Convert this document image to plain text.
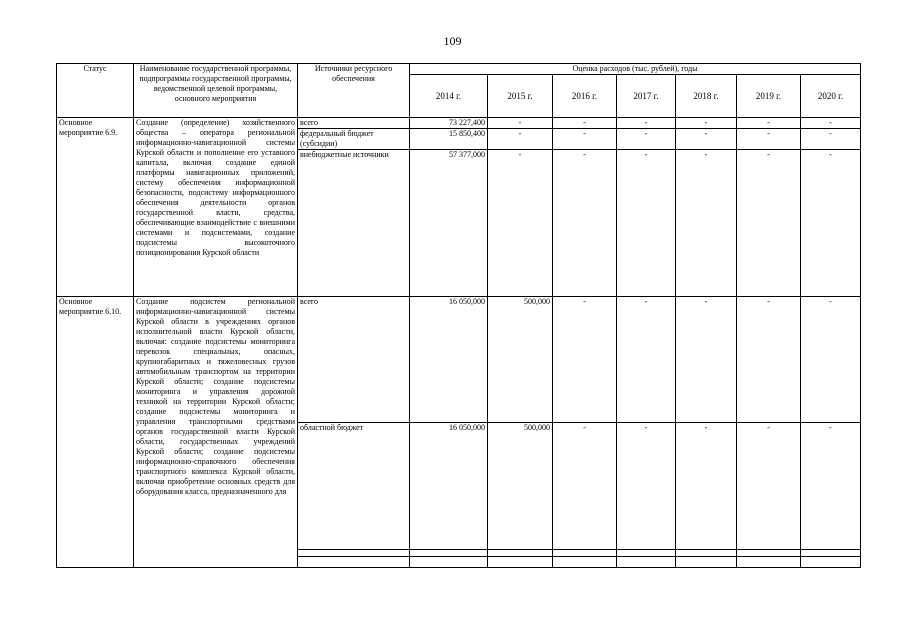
109
Статус	Наименование государственной программы, подпрограммы государственной программы, ведомственной целевой программы, основного мероприятия	Источники ресурсного обеспечения	Оценка расходов (тыс. рублей), годы						
			2014 г.	2015 г.	2016 г.	2017 г.	2018 г.	2019 г.	2020 г.
Основное мероприятие 6.9.	Создание (определение) хозяйственного общества – оператора региональной информационно-навигационной системы Курской области и пополнение его уставного капитала, включая создание единой платформы навигационных приложений, систему обеспечения информационной безопасности, подсистему информационного обеспечения деятельности органов государственной власти, средства, обеспечивающие взаимодействие с внешними системами и подсистемами, создание подсистемы высокоточного позиционирования Курской области	всего	73 227,400	-	-	-	-	-	-
		федеральный бюджет (субсидии)	15 850,400	-	-	-	-	-	-
		внебюджетные источники	57 377,000	-	-	-	-	-	-
Основное мероприятие 6.10.	Создание подсистем региональной информационно-навигационной системы Курской области в учреждениях органов исполнительной власти Курской области, включая: создание подсистемы мониторинга перевозок специальных, опасных, крупногабаритных и тяжеловесных грузов автомобильным транспортом на территории Курской области; создание подсистемы мониторинга и управления дорожной техникой на территории Курской области; создание подсистемы мониторинга и управления транспортными средствами органов государственной власти Курской области, государственных учреждений Курской области; создание подсистемы информационно-справочного обеспечения транспортного комплекса Курской области, включая приобретение основных средств для оборудования класса, предназначенного для	всего	16 050,000	500,000	-	-	-	-	-
		областной бюджет	16 050,000	500,000	-	-	-	-	-
